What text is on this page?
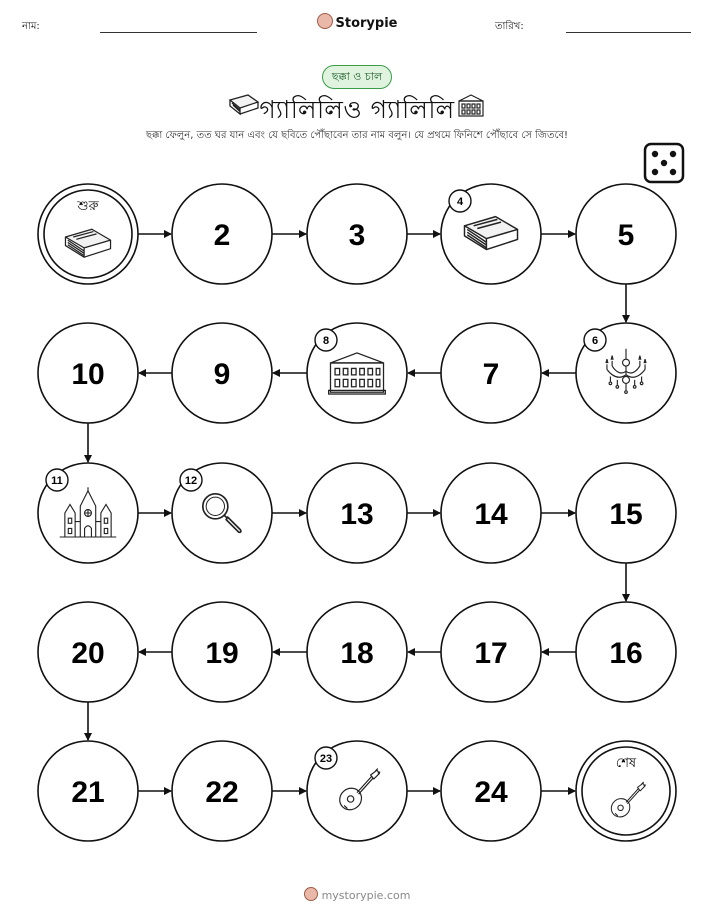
নাম:	Storypie	তারিখ:
ছক্কা ও চাল
গ্যালিলিও গ্যালিলি
ছক্কা ফেলুন, তত ঘর যান এবং যে ছবিতে পৌঁছাবেন তার নাম বলুন। যে প্রথমে ফিনিশে পৌঁছাবে সে জিতবে!
শুরু
2	3
4
5
6
7
8
9
10
11	12
13	14	15
16
17
18
19
20
21	22
23
24
শেষ
mystorypie.com
